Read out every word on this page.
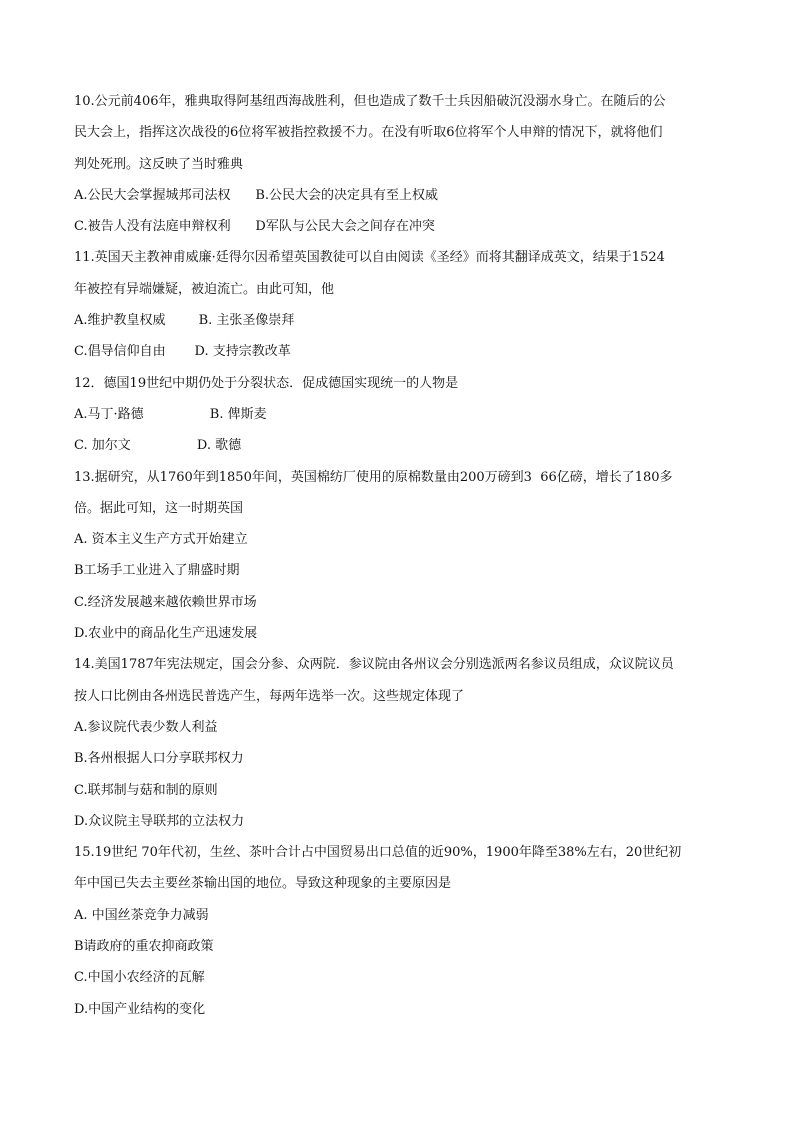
10.公元前406年，雅典取得阿基纽西海战胜利，但也造成了数千士兵因船破沉没溺水身亡。在随后的公
民大会上，指挥这次战役的6位将军被指控救援不力。在没有听取6位将军个人申辩的情况下，就将他们
判处死刑。这反映了当时雅典
A.公民大会掌握城邦司法权      B.公民大会的决定具有至上权威
C.被告人没有法庭申辩权利      D军队与公民大会之间存在冲突
11.英国天主教神甫威廉·廷得尔因希望英国教徒可以自由阅读《圣经》而将其翻译成英文，结果于1524
年被控有异端嫌疑，被迫流亡。由此可知，他
A.维护教皇权威        B. 主张圣像崇拜
C.倡导信仰自由       D. 支持宗教改革
12．德国19世纪中期仍处于分裂状态．促成德国实现统一的人物是
A.马丁·路德                B. 俾斯麦
C. 加尔文                D. 歌德
13.据研究，从1760年到1850年间，英国棉纺厂使用的原棉数量由200万磅到3  66亿磅，增长了180多
倍。据此可知，这一时期英国
A. 资本主义生产方式开始建立
B工场手工业进入了鼎盛时期
C.经济发展越来越依赖世界市场
D.农业中的商品化生产迅速发展
14.美国1787年宪法规定，国会分参、众两院．参议院由各州议会分别选派两名参议员组成，众议院议员
按人口比例由各州选民普选产生，每两年选举一次。这些规定体现了
A.参议院代表少数人利益
B.各州根据人口分享联邦权力
C.联邦制与菇和制的原则
D.众议院主导联邦的立法权力
15.19世纪 70年代初，生丝、茶叶合计占中国贸易出口总值的近90%，1900年降至38%左右，20世纪初
年中国已失去主要丝茶输出国的地位。导致这种现象的主要原因是
A. 中国丝茶竞争力减弱
B请政府的重农抑商政策
C.中国小农经济的瓦解
D.中国产业结构的变化
